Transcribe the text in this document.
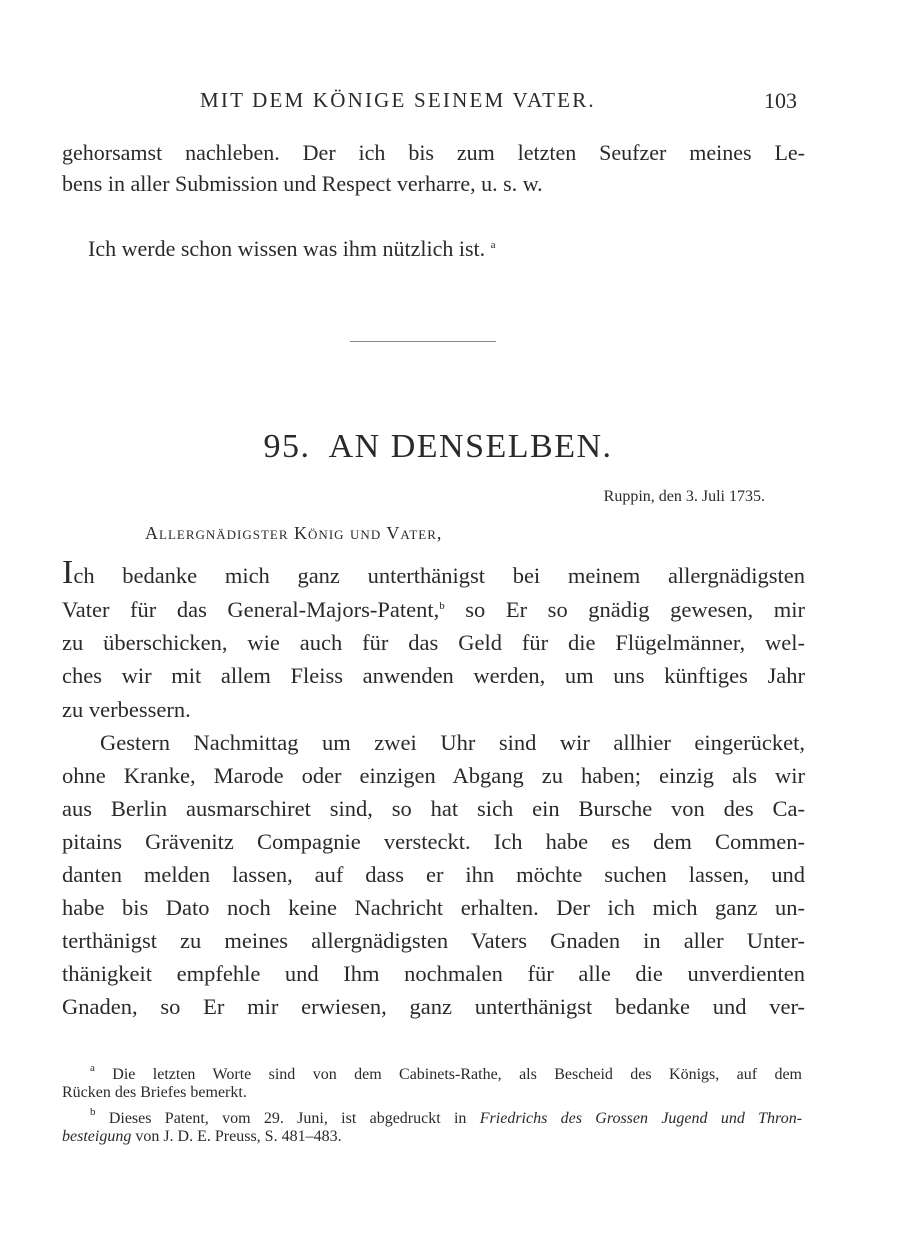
MIT DEM KÖNIGE SEINEM VATER.	103
gehorsamst nachleben. Der ich bis zum letzten Seufzer meines Le-
bens in aller Submission und Respect verharre, u. s. w.
Ich werde schon wissen was ihm nützlich ist. $^a$
95. AN DENSELBEN.
Ruppin, den 3. Juli 1735.
Allergnädigster König und Vater,
Ich bedanke mich ganz unterthänigst bei meinem allergnädigsten
Vater für das General-Majors-Patent,$^b$ so Er so gnädig gewesen, mir
zu überschicken, wie auch für das Geld für die Flügelmänner, wel-
ches wir mit allem Fleiss anwenden werden, um uns künftiges Jahr
zu verbessern.
Gestern Nachmittag um zwei Uhr sind wir allhier eingerücket,
ohne Kranke, Marode oder einzigen Abgang zu haben; einzig als wir
aus Berlin ausmarschiret sind, so hat sich ein Bursche von des Ca-
pitains Grävenitz Compagnie versteckt. Ich habe es dem Commen-
danten melden lassen, auf dass er ihn möchte suchen lassen, und
habe bis Dato noch keine Nachricht erhalten. Der ich mich ganz un-
terthänigst zu meines allergnädigsten Vaters Gnaden in aller Unter-
thänigkeit empfehle und Ihm nochmalen für alle die unverdienten
Gnaden, so Er mir erwiesen, ganz unterthänigst bedanke und ver-
$^a$ Die letzten Worte sind von dem Cabinets-Rathe, als Bescheid des Königs, auf dem
Rücken des Briefes bemerkt.
$^b$ Dieses Patent, vom 29. Juni, ist abgedruckt in Friedrichs des Grossen Jugend und Thron-
besteigung von J. D. E. Preuss, S. 481–483.
